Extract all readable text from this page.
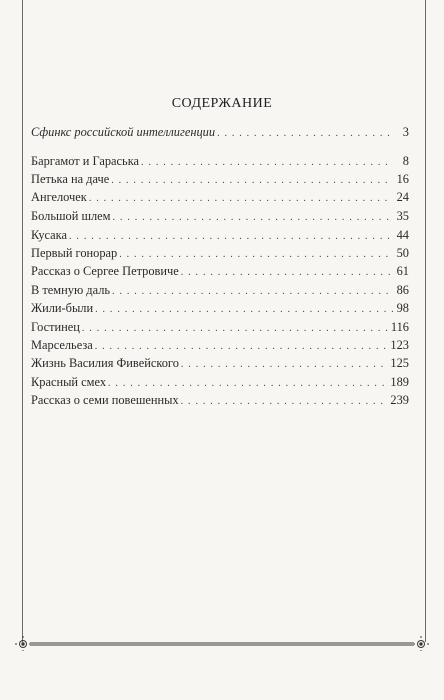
СОДЕРЖАНИЕ
Сфинкс российской интеллигенции . . .	3
Баргамот и Гараська . . .	8
Петька на даче . . .	16
Ангелочек . . .	24
Большой шлем . . .	35
Кусака . . .	44
Первый гонорар . . .	50
Рассказ о Сергее Петровиче . . .	61
В темную даль . . .	86
Жили-были . . .	98
Гостинец . . .	116
Марсельеза . . .	123
Жизнь Василия Фивейского . . .	125
Красный смех . . .	189
Рассказ о семи повешенных . . .	239
